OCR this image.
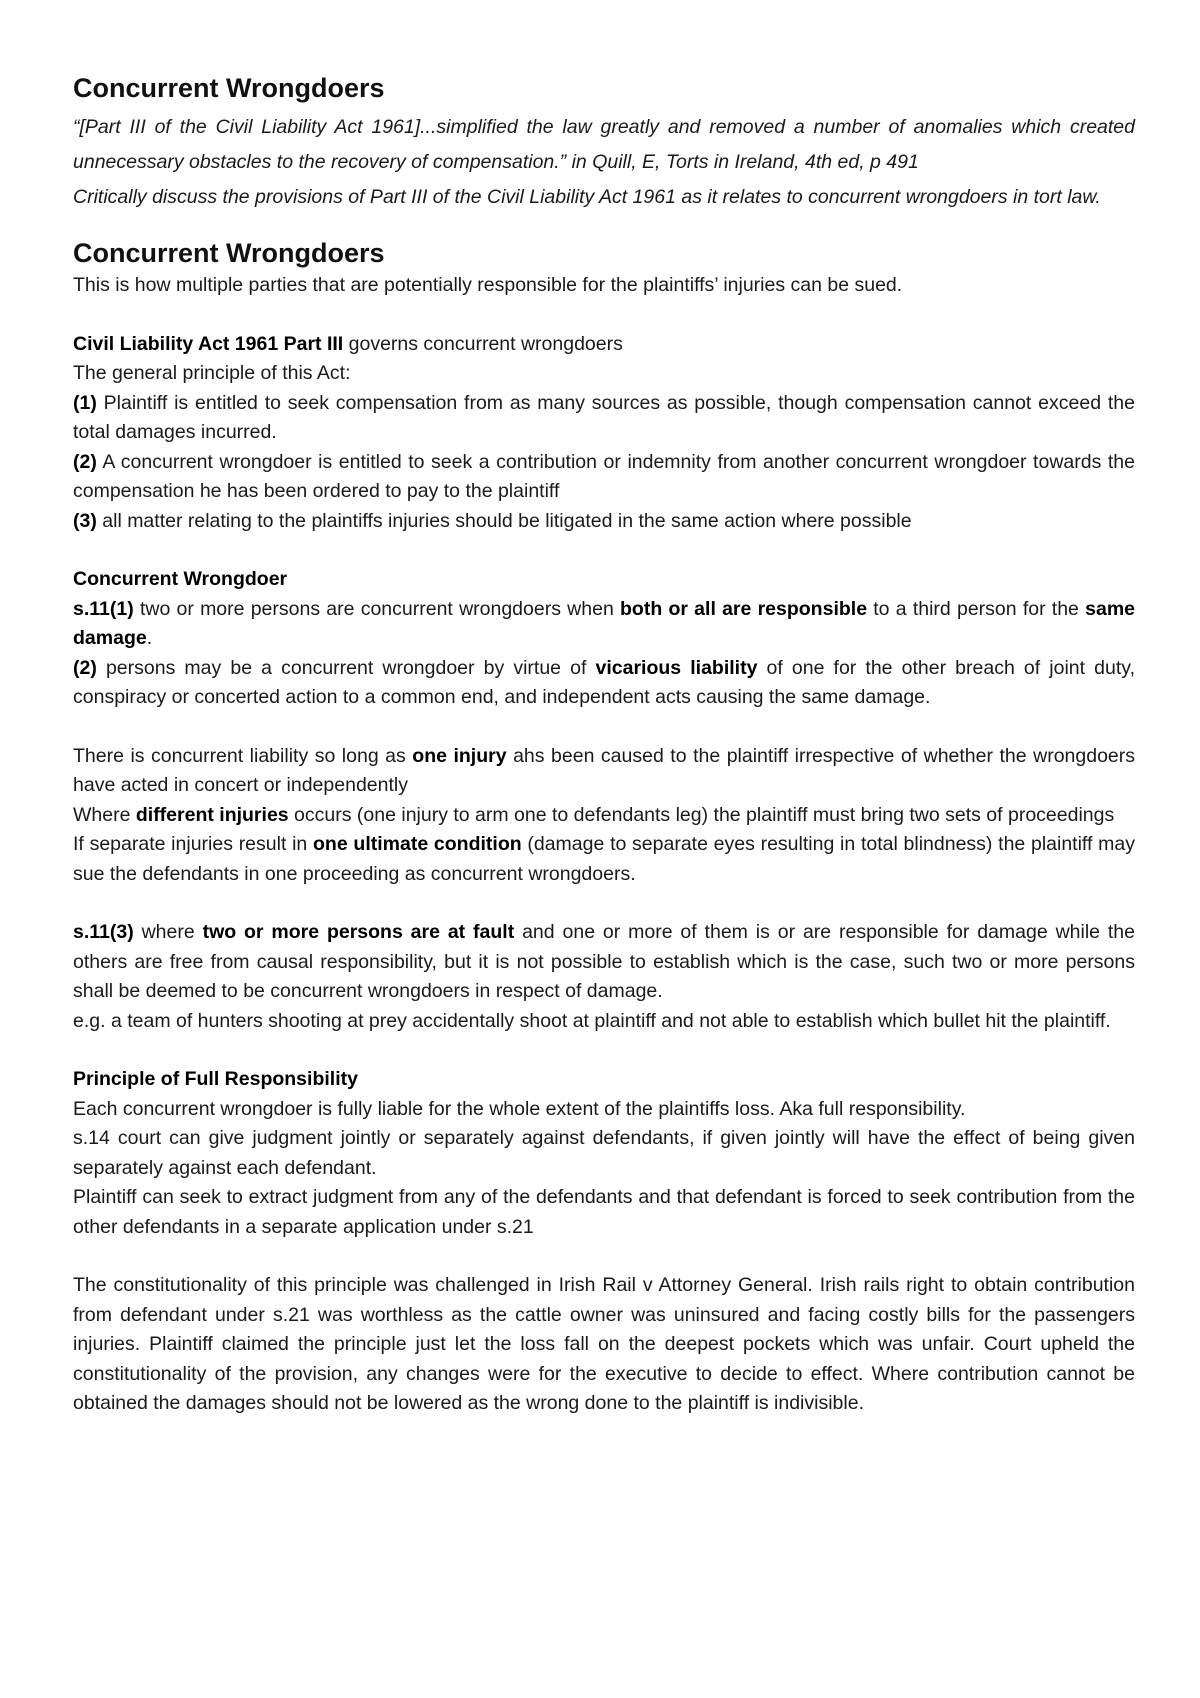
Concurrent Wrongdoers

“[Part III of the Civil Liability Act 1961]...simplified the law greatly and removed a number of anomalies which created unnecessary obstacles to the recovery of compensation.” in Quill, E, Torts in Ireland, 4th ed, p 491

Critically discuss the provisions of Part III of the Civil Liability Act 1961 as it relates to concurrent wrongdoers in tort law.

Concurrent Wrongdoers

This is how multiple parties that are potentially responsible for the plaintiffs’ injuries can be sued.

Civil Liability Act 1961 Part III governs concurrent wrongdoers

The general principle of this Act:

(1) Plaintiff is entitled to seek compensation from as many sources as possible, though compensation cannot exceed the total damages incurred.

(2) A concurrent wrongdoer is entitled to seek a contribution or indemnity from another concurrent wrongdoer towards the compensation he has been ordered to pay to the plaintiff

(3) all matter relating to the plaintiffs injuries should be litigated in the same action where possible

Concurrent Wrongdoer

s.11(1) two or more persons are concurrent wrongdoers when both or all are responsible to a third person for the same damage.

(2) persons may be a concurrent wrongdoer by virtue of vicarious liability of one for the other breach of joint duty, conspiracy or concerted action to a common end, and independent acts causing the same damage.

There is concurrent liability so long as one injury ahs been caused to the plaintiff irrespective of whether the wrongdoers have acted in concert or independently

Where different injuries occurs (one injury to arm one to defendants leg) the plaintiff must bring two sets of proceedings

If separate injuries result in one ultimate condition (damage to separate eyes resulting in total blindness) the plaintiff may sue the defendants in one proceeding as concurrent wrongdoers.

s.11(3) where two or more persons are at fault and one or more of them is or are responsible for damage while the others are free from causal responsibility, but it is not possible to establish which is the case, such two or more persons shall be deemed to be concurrent wrongdoers in respect of damage.

e.g. a team of hunters shooting at prey accidentally shoot at plaintiff and not able to establish which bullet hit the plaintiff.

Principle of Full Responsibility

Each concurrent wrongdoer is fully liable for the whole extent of the plaintiffs loss. Aka full responsibility.

s.14 court can give judgment jointly or separately against defendants, if given jointly will have the effect of being given separately against each defendant.

Plaintiff can seek to extract judgment from any of the defendants and that defendant is forced to seek contribution from the other defendants in a separate application under s.21

The constitutionality of this principle was challenged in Irish Rail v Attorney General. Irish rails right to obtain contribution from defendant under s.21 was worthless as the cattle owner was uninsured and facing costly bills for the passengers injuries. Plaintiff claimed the principle just let the loss fall on the deepest pockets which was unfair. Court upheld the constitutionality of the provision, any changes were for the executive to decide to effect. Where contribution cannot be obtained the damages should not be lowered as the wrong done to the plaintiff is indivisible.
